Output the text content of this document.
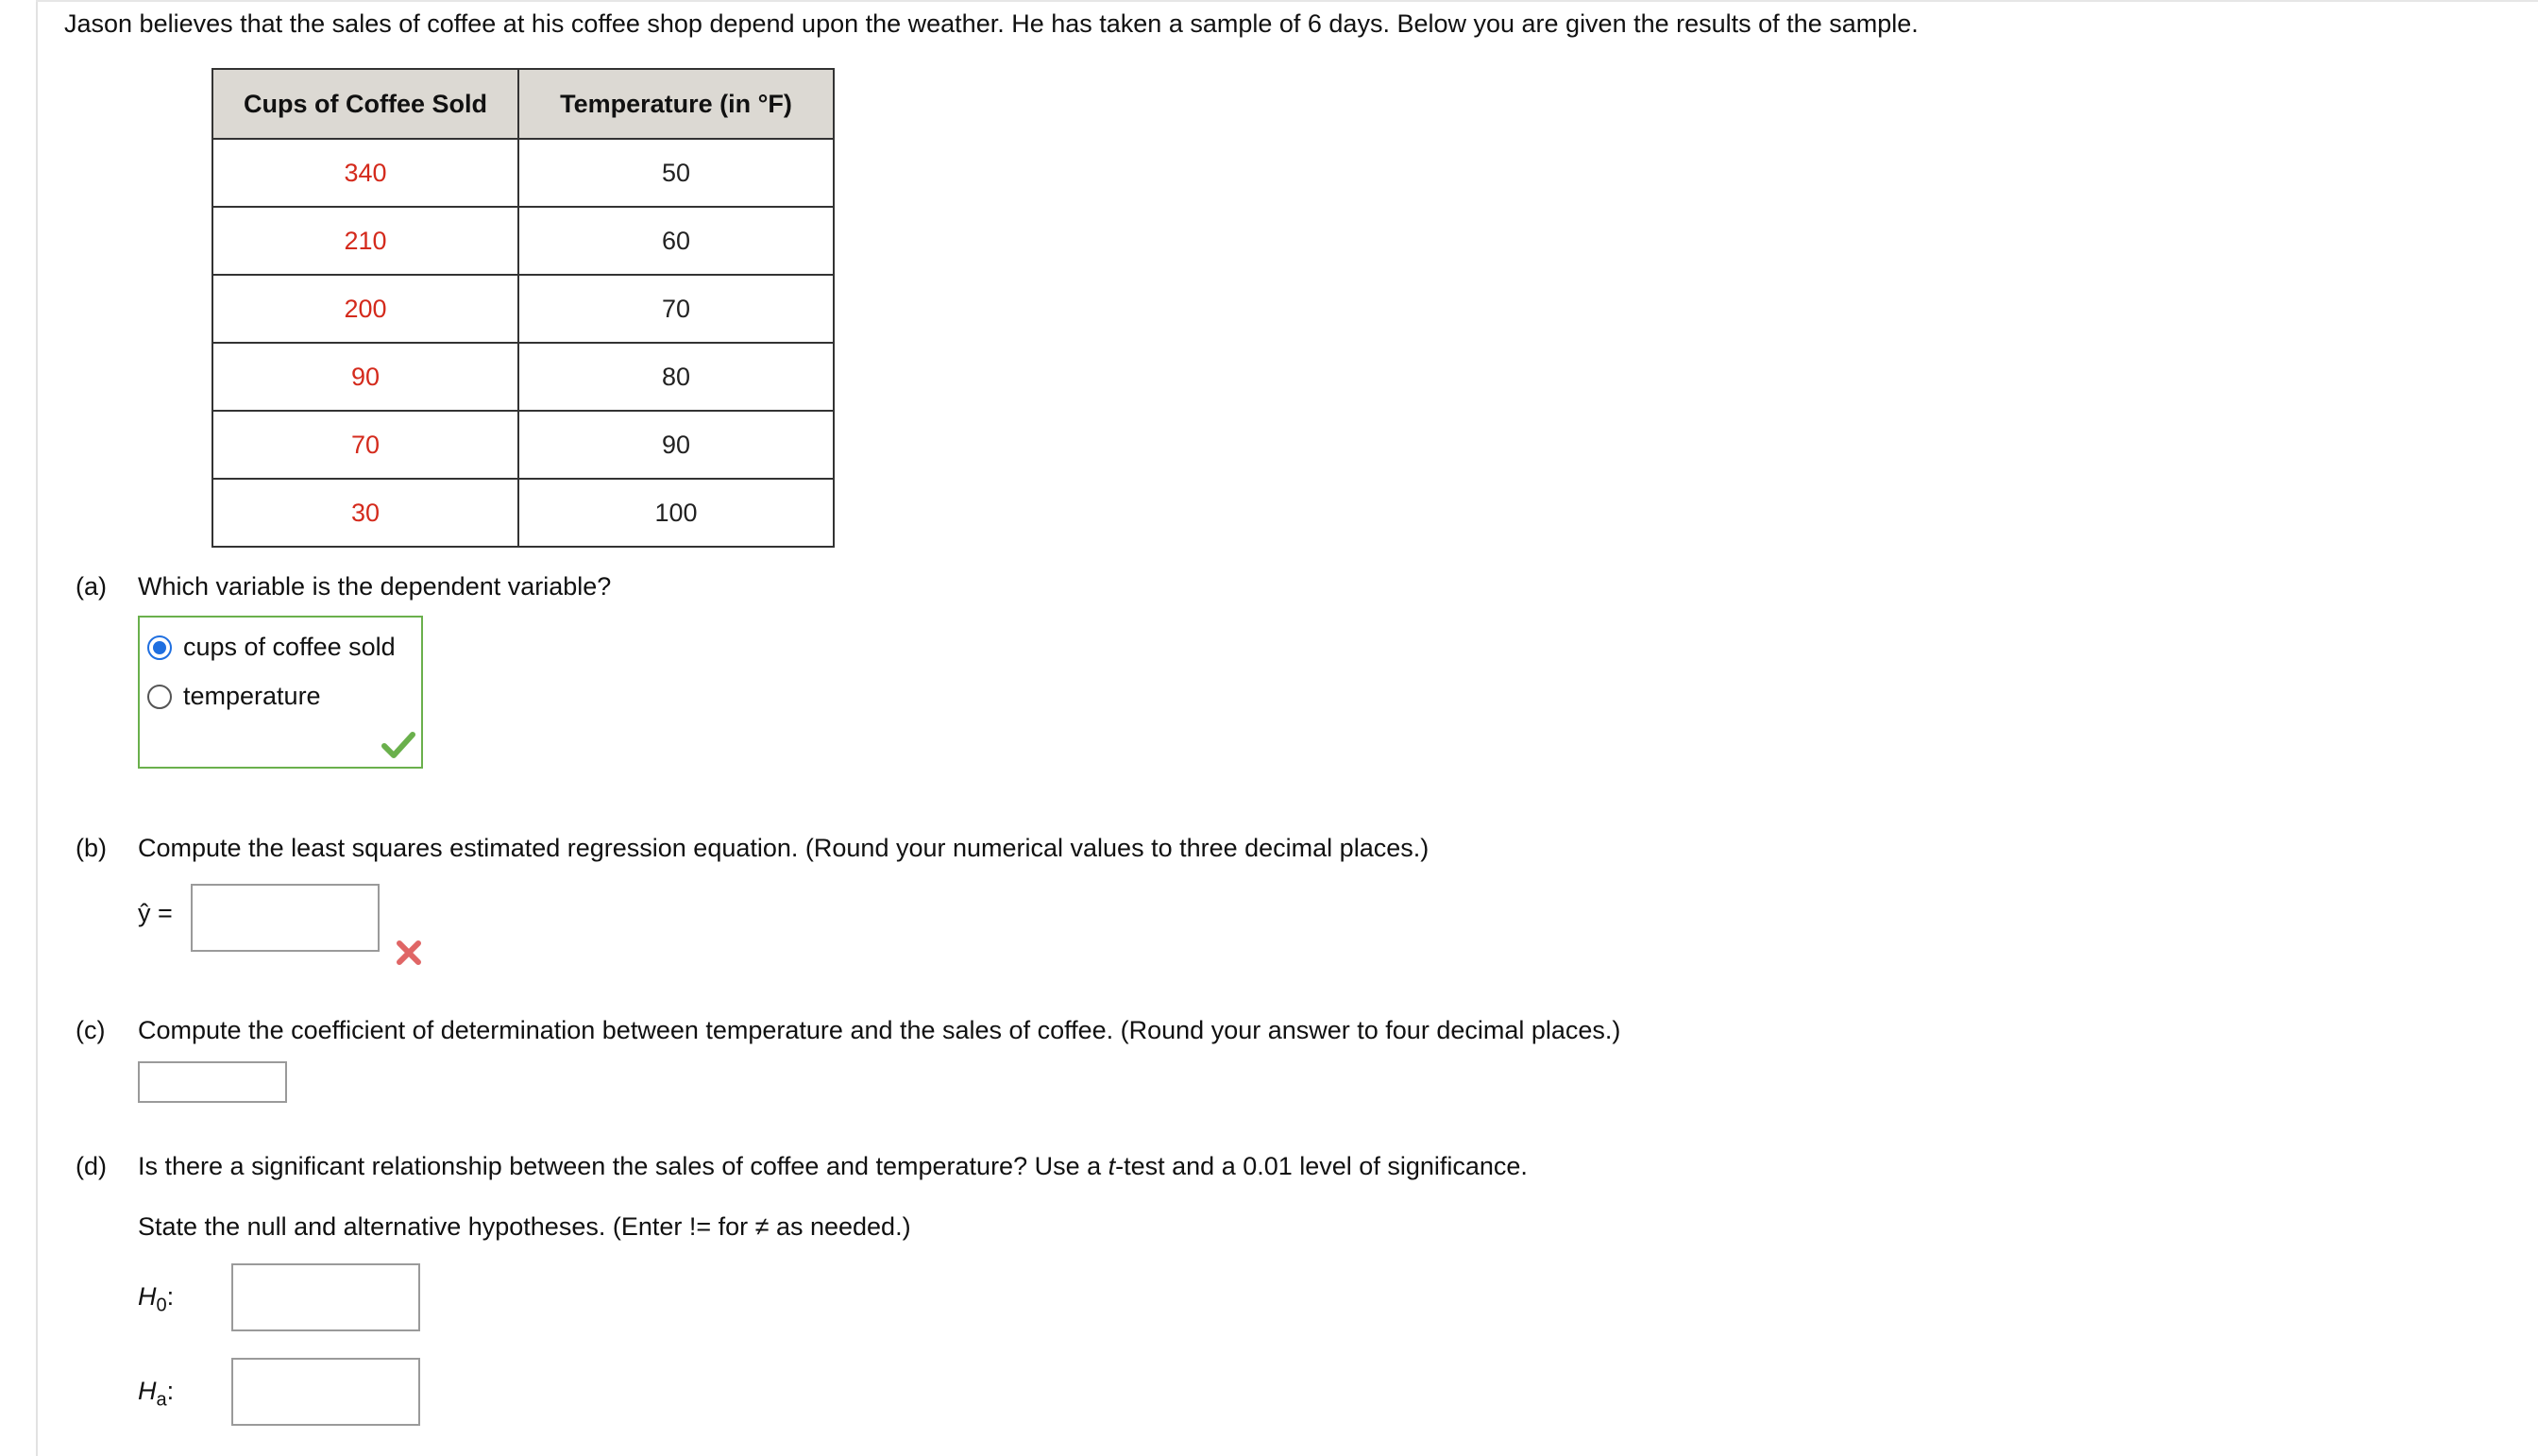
Jason believes that the sales of coffee at his coffee shop depend upon the weather. He has taken a sample of 6 days. Below you are given the results of the sample.
Cups of Coffee Sold	Temperature (in °F)
340	50
210	60
200	70
90	80
70	90
30	100
(a) Which variable is the dependent variable?
cups of coffee sold
temperature
(b) Compute the least squares estimated regression equation. (Round your numerical values to three decimal places.)
ŷ =
(c) Compute the coefficient of determination between temperature and the sales of coffee. (Round your answer to four decimal places.)
(d) Is there a significant relationship between the sales of coffee and temperature? Use a t-test and a 0.01 level of significance.
State the null and alternative hypotheses. (Enter != for ≠ as needed.)
$H_0$:
$H_a$:
